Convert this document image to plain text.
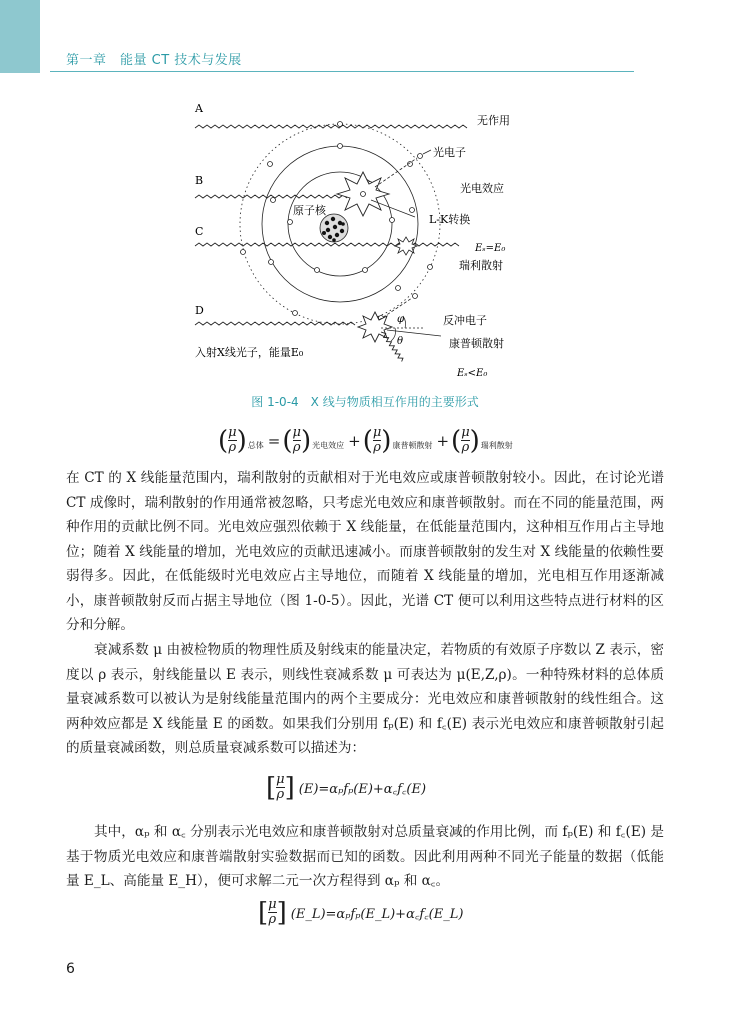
第一章　能量 CT 技术与发展
A
B
C
D
无作用
光电子
光电效应
原子核
L-K转换
Eₛ=E₀
瑞利散射
反冲电子
φ
θ	康普顿散射
入射X线光子，能量E₀
Eₛ<E₀
图 1-0-4　X 线与物质相互作用的主要形式
( $\frac{\mu}{\rho}$ ) 总体 = ( $\frac{\mu}{\rho}$ ) 光电效应 + ( $\frac{\mu}{\rho}$ ) 康普顿散射 + ( $\frac{\mu}{\rho}$ ) 瑞利散射
在 CT 的 X 线能量范围内，瑞利散射的贡献相对于光电效应或康普顿散射较小。因此，在讨论光谱 CT 成像时，瑞利散射的作用通常被忽略，只考虑光电效应和康普顿散射。而在不同的能量范围，两种作用的贡献比例不同。光电效应强烈依赖于 X 线能量，在低能量范围内，这种相互作用占主导地位；随着 X 线能量的增加，光电效应的贡献迅速减小。而康普顿散射的发生对 X 线能量的依赖性要弱得多。因此，在低能级时光电效应占主导地位，而随着 X 线能量的增加，光电相互作用逐渐减小，康普顿散射反而占据主导地位（图 1-0-5）。因此，光谱 CT 便可以利用这些特点进行材料的区分和分解。
衰减系数 μ 由被检物质的物理性质及射线束的能量决定，若物质的有效原子序数以 Z 表示，密度以 ρ 表示，射线能量以 E 表示，则线性衰减系数 μ 可表达为 μ(E,Z,ρ)。一种特殊材料的总体质量衰减系数可以被认为是射线能量范围内的两个主要成分：光电效应和康普顿散射的线性组合。这两种效应都是 X 线能量 E 的函数。如果我们分别用 fₚ(E) 和 f꜀(E) 表示光电效应和康普顿散射引起的质量衰减函数，则总质量衰减系数可以描述为：
[ $\frac{\mu}{\rho}$ ] (E)=αₚfₚ(E)+α꜀f꜀(E)
其中，αₚ 和 α꜀ 分别表示光电效应和康普顿散射对总质量衰减的作用比例，而 fₚ(E) 和 f꜀(E) 是基于物质光电效应和康普端散射实验数据而已知的函数。因此利用两种不同光子能量的数据（低能量 E_L、高能量 E_H），便可求解二元一次方程得到 αₚ 和 α꜀。
[ $\frac{\mu}{\rho}$ ] (E_L)=αₚfₚ(E_L)+α꜀f꜀(E_L)
6
